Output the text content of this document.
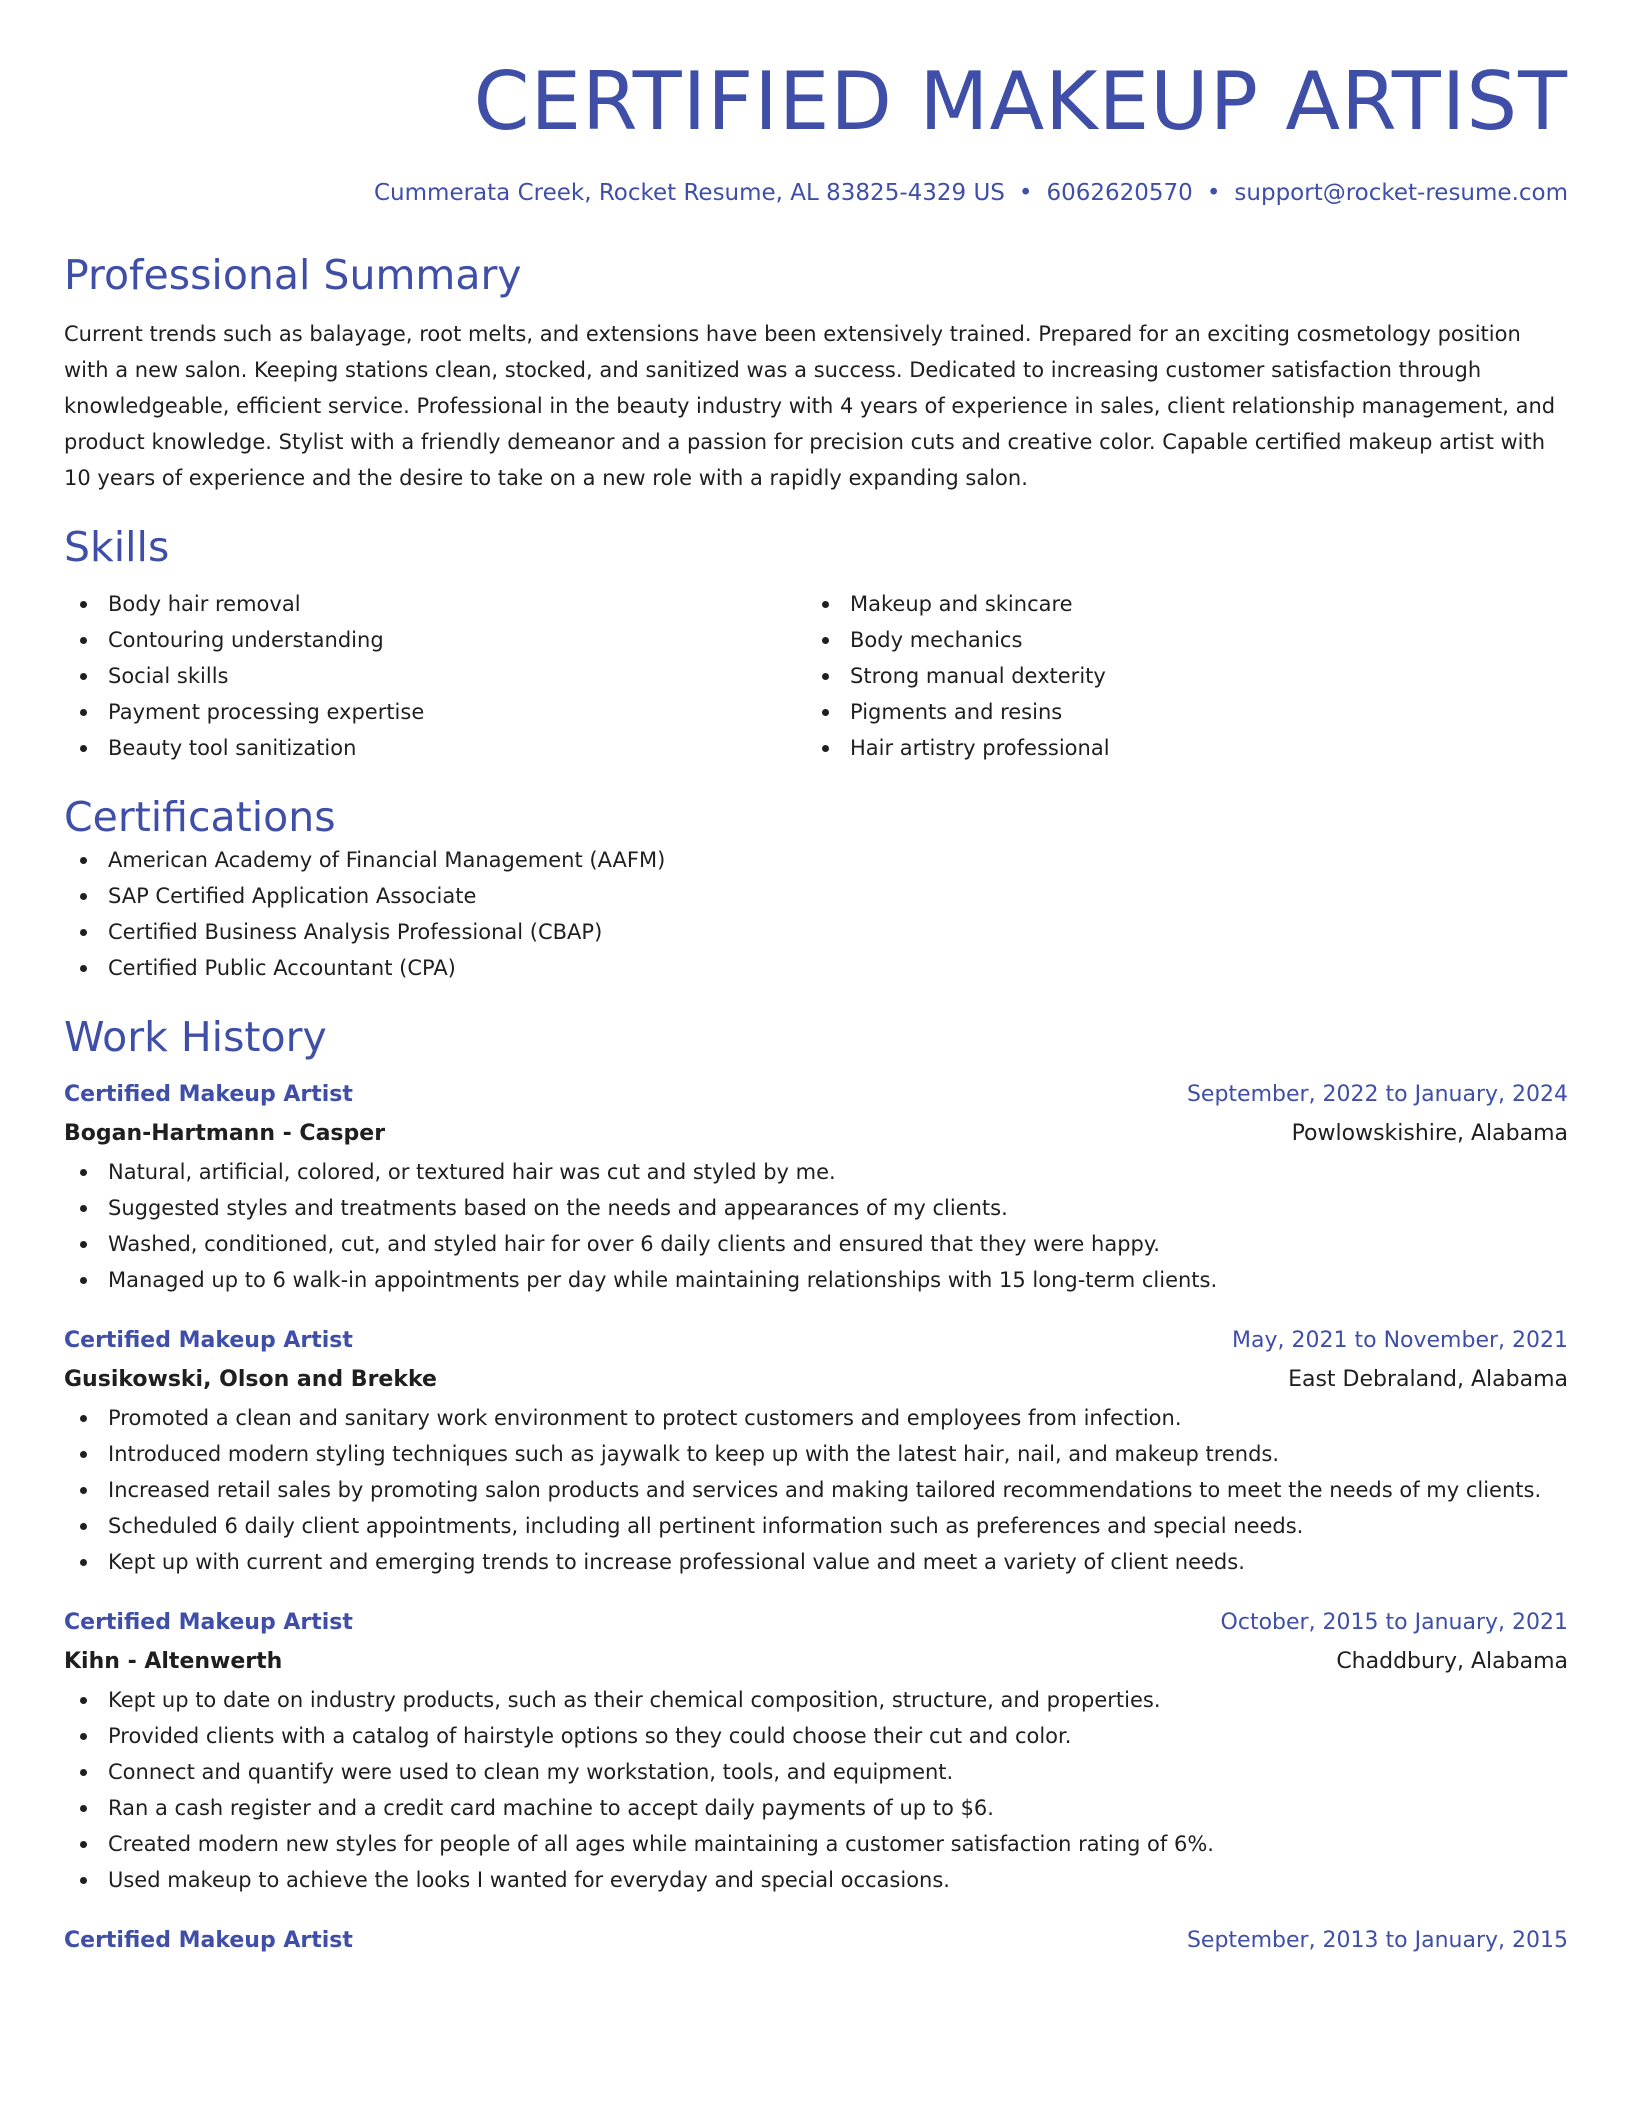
CERTIFIED MAKEUP ARTIST
Cummerata Creek, Rocket Resume, AL 83825-4329 US • 6062620570 • support@rocket-resume.com
Professional Summary
Current trends such as balayage, root melts, and extensions have been extensively trained. Prepared for an exciting cosmetology position with a new salon. Keeping stations clean, stocked, and sanitized was a success. Dedicated to increasing customer satisfaction through knowledgeable, efficient service. Professional in the beauty industry with 4 years of experience in sales, client relationship management, and product knowledge. Stylist with a friendly demeanor and a passion for precision cuts and creative color. Capable certified makeup artist with 10 years of experience and the desire to take on a new role with a rapidly expanding salon.
Skills
Body hair removal
Contouring understanding
Social skills
Payment processing expertise
Beauty tool sanitization
Makeup and skincare
Body mechanics
Strong manual dexterity
Pigments and resins
Hair artistry professional
Certifications
American Academy of Financial Management (AAFM)
SAP Certified Application Associate
Certified Business Analysis Professional (CBAP)
Certified Public Accountant (CPA)
Work History
Certified Makeup Artist	September, 2022 to January, 2024
Bogan-Hartmann - Casper	Powlowskishire, Alabama
Natural, artificial, colored, or textured hair was cut and styled by me.
Suggested styles and treatments based on the needs and appearances of my clients.
Washed, conditioned, cut, and styled hair for over 6 daily clients and ensured that they were happy.
Managed up to 6 walk-in appointments per day while maintaining relationships with 15 long-term clients.
Certified Makeup Artist	May, 2021 to November, 2021
Gusikowski, Olson and Brekke	East Debraland, Alabama
Promoted a clean and sanitary work environment to protect customers and employees from infection.
Introduced modern styling techniques such as jaywalk to keep up with the latest hair, nail, and makeup trends.
Increased retail sales by promoting salon products and services and making tailored recommendations to meet the needs of my clients.
Scheduled 6 daily client appointments, including all pertinent information such as preferences and special needs.
Kept up with current and emerging trends to increase professional value and meet a variety of client needs.
Certified Makeup Artist	October, 2015 to January, 2021
Kihn - Altenwerth	Chaddbury, Alabama
Kept up to date on industry products, such as their chemical composition, structure, and properties.
Provided clients with a catalog of hairstyle options so they could choose their cut and color.
Connect and quantify were used to clean my workstation, tools, and equipment.
Ran a cash register and a credit card machine to accept daily payments of up to $6.
Created modern new styles for people of all ages while maintaining a customer satisfaction rating of 6%.
Used makeup to achieve the looks I wanted for everyday and special occasions.
Certified Makeup Artist	September, 2013 to January, 2015
